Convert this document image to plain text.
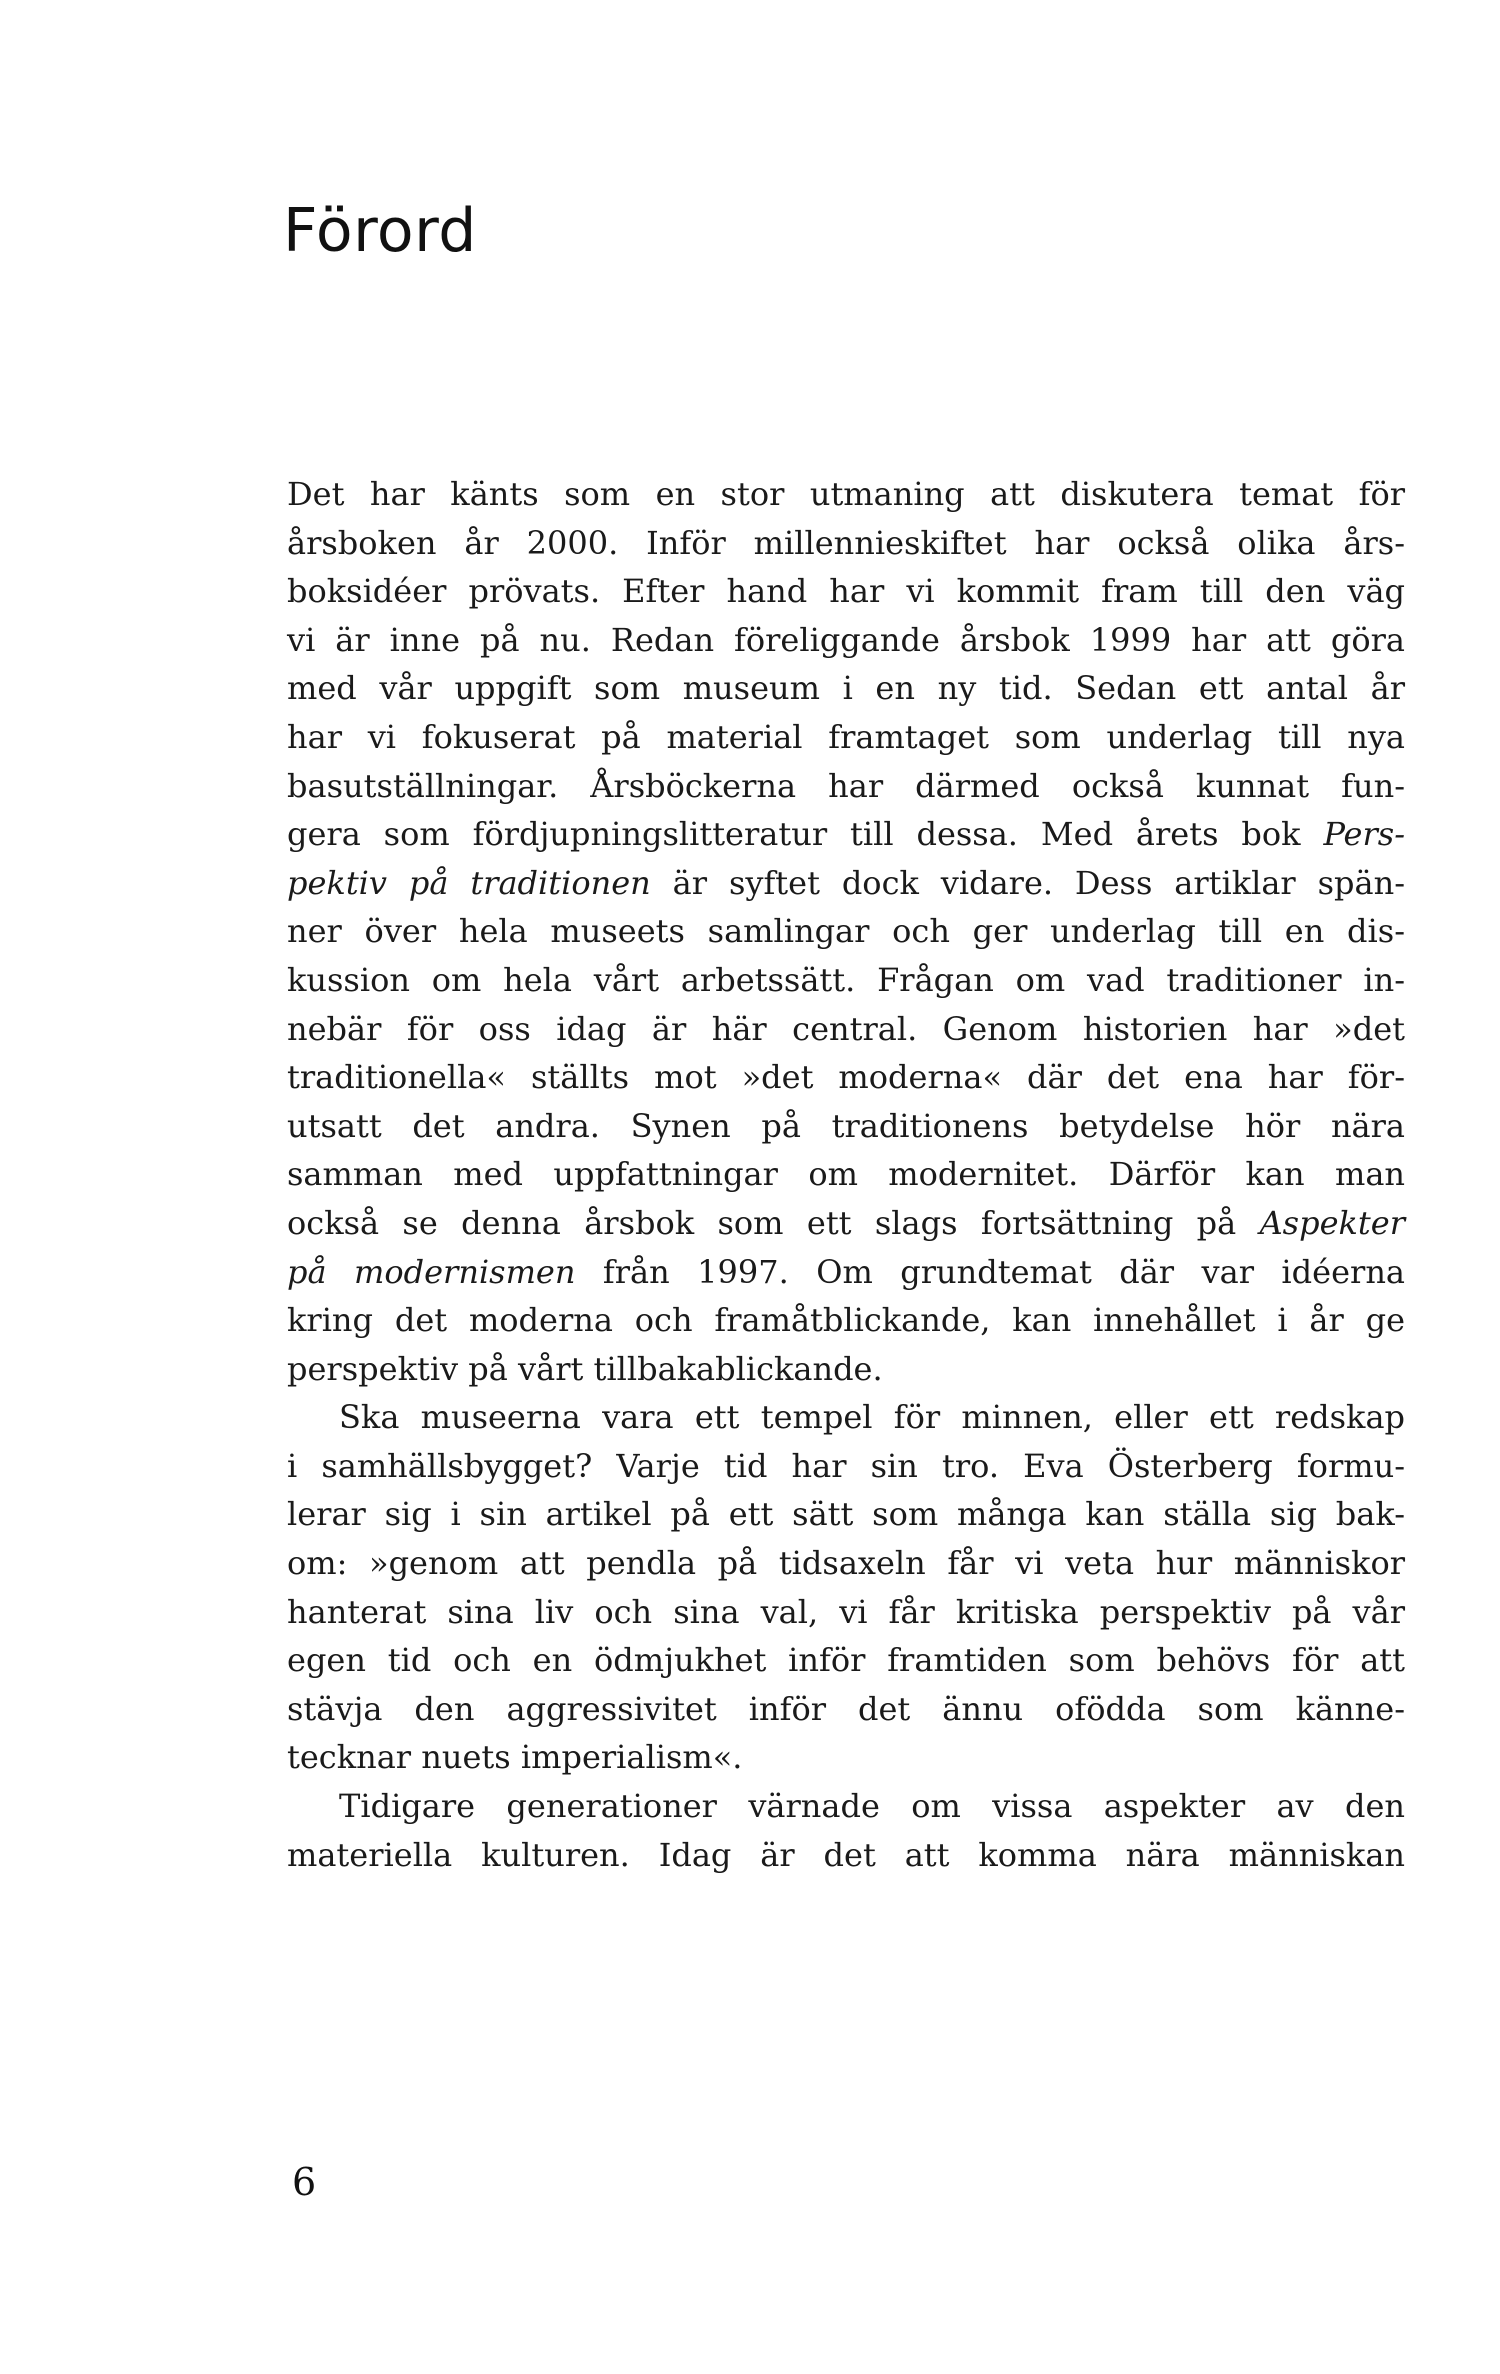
Förord
Det har känts som en stor utmaning att diskutera temat för
årsboken år 2000. Inför millennieskiftet har också olika års-
boksidéer prövats. Efter hand har vi kommit fram till den väg
vi är inne på nu. Redan föreliggande årsbok 1999 har att göra
med vår uppgift som museum i en ny tid. Sedan ett antal år
har vi fokuserat på material framtaget som underlag till nya
basutställningar. Årsböckerna har därmed också kunnat fun-
gera som fördjupningslitteratur till dessa. Med årets bok Pers-
pektiv på traditionen är syftet dock vidare. Dess artiklar spän-
ner över hela museets samlingar och ger underlag till en dis-
kussion om hela vårt arbetssätt. Frågan om vad traditioner in-
nebär för oss idag är här central. Genom historien har »det
traditionella« ställts mot »det moderna« där det ena har för-
utsatt det andra. Synen på traditionens betydelse hör nära
samman med uppfattningar om modernitet. Därför kan man
också se denna årsbok som ett slags fortsättning på Aspekter
på modernismen från 1997. Om grundtemat där var idéerna
kring det moderna och framåtblickande, kan innehållet i år ge
perspektiv på vårt tillbakablickande.
Ska museerna vara ett tempel för minnen, eller ett redskap
i samhällsbygget? Varje tid har sin tro. Eva Österberg formu-
lerar sig i sin artikel på ett sätt som många kan ställa sig bak-
om: »genom att pendla på tidsaxeln får vi veta hur människor
hanterat sina liv och sina val, vi får kritiska perspektiv på vår
egen tid och en ödmjukhet inför framtiden som behövs för att
stävja den aggressivitet inför det ännu ofödda som känne-
tecknar nuets imperialism«.
Tidigare generationer värnade om vissa aspekter av den
materiella kulturen. Idag är det att komma nära människan
6
